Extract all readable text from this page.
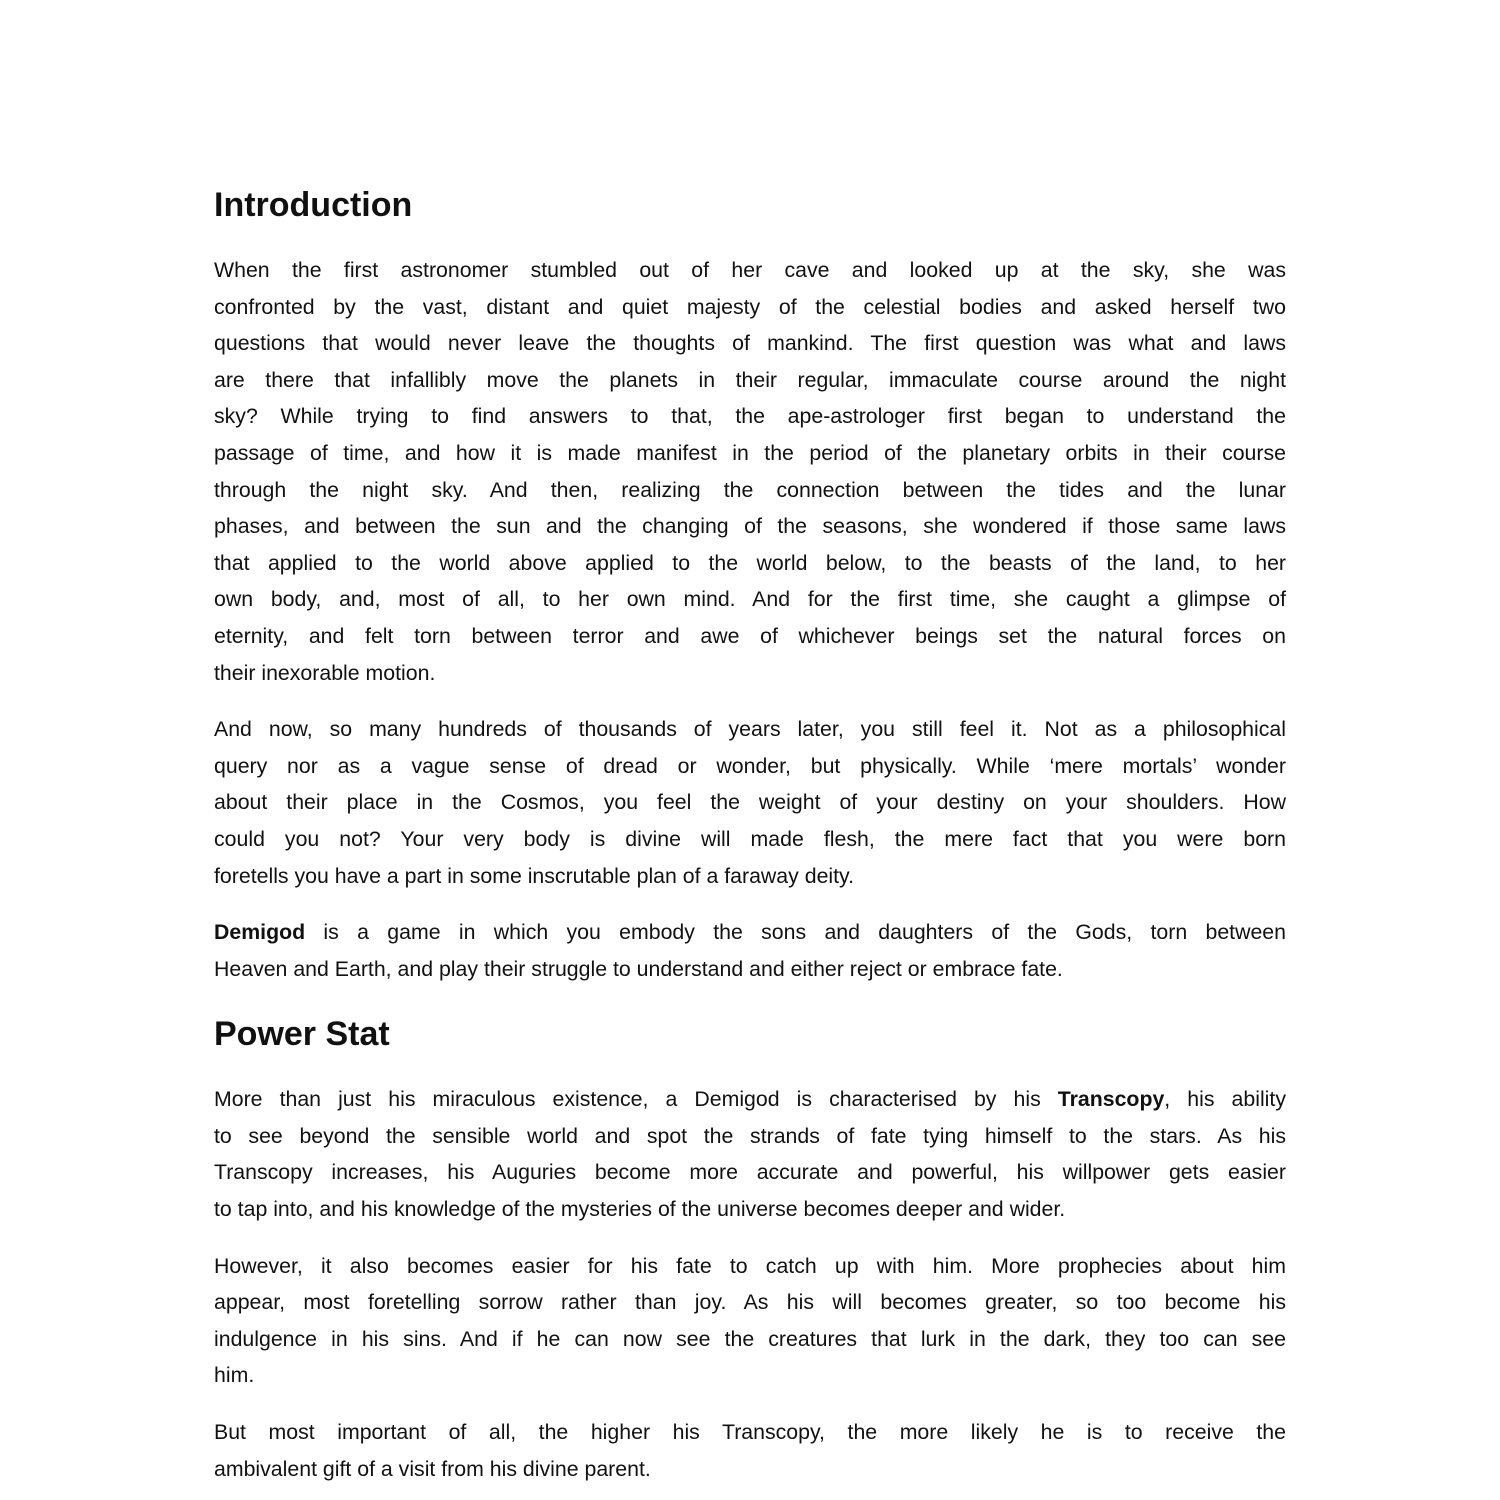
Introduction
When the first astronomer stumbled out of her cave and looked up at the sky, she was
confronted by the vast, distant and quiet majesty of the celestial bodies and asked herself two
questions that would never leave the thoughts of mankind. The first question was what and laws
are there that infallibly move the planets in their regular, immaculate course around the night
sky? While trying to find answers to that, the ape-astrologer first began to understand the
passage of time, and how it is made manifest in the period of the planetary orbits in their course
through the night sky. And then, realizing the connection between the tides and the lunar
phases, and between the sun and the changing of the seasons, she wondered if those same laws
that applied to the world above applied to the world below, to the beasts of the land, to her
own body, and, most of all, to her own mind. And for the first time, she caught a glimpse of
eternity, and felt torn between terror and awe of whichever beings set the natural forces on
their inexorable motion.
And now, so many hundreds of thousands of years later, you still feel it. Not as a philosophical
query nor as a vague sense of dread or wonder, but physically. While ‘mere mortals’ wonder
about their place in the Cosmos, you feel the weight of your destiny on your shoulders. How
could you not? Your very body is divine will made flesh, the mere fact that you were born
foretells you have a part in some inscrutable plan of a faraway deity.
Demigod is a game in which you embody the sons and daughters of the Gods, torn between
Heaven and Earth, and play their struggle to understand and either reject or embrace fate.
Power Stat
More than just his miraculous existence, a Demigod is characterised by his Transcopy, his ability
to see beyond the sensible world and spot the strands of fate tying himself to the stars. As his
Transcopy increases, his Auguries become more accurate and powerful, his willpower gets easier
to tap into, and his knowledge of the mysteries of the universe becomes deeper and wider.
However, it also becomes easier for his fate to catch up with him. More prophecies about him
appear, most foretelling sorrow rather than joy. As his will becomes greater, so too become his
indulgence in his sins. And if he can now see the creatures that lurk in the dark, they too can see
him.
But most important of all, the higher his Transcopy, the more likely he is to receive the
ambivalent gift of a visit from his divine parent.
